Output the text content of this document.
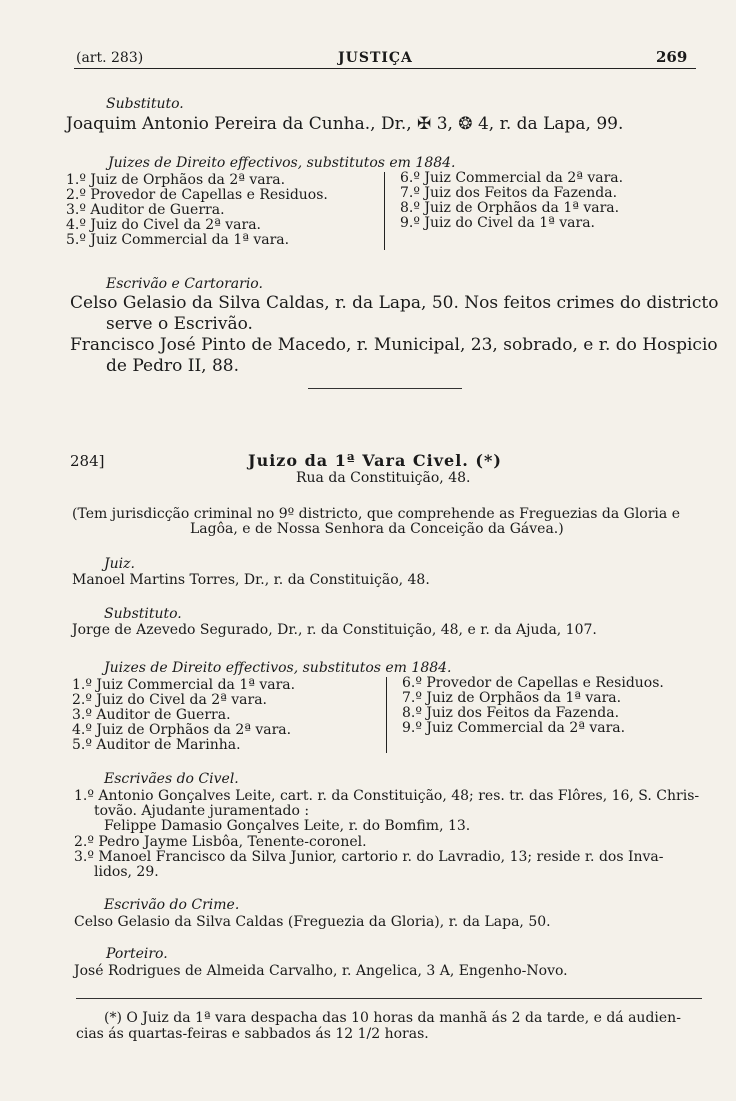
(art. 283)	JUSTIÇA	269
Substituto.
Joaquim Antonio Pereira da Cunha., Dr., ✠ 3, ❂ 4, r. da Lapa, 99.
Juizes de Direito effectivos, substitutos em 1884.
1.º Juiz de Orphãos da 2ª vara.
2.º Provedor de Capellas e Residuos.
3.º Auditor de Guerra.
4.º Juiz do Civel da 2ª vara.
5.º Juiz Commercial da 1ª vara.
6.º Juiz Commercial da 2ª vara.
7.º Juiz dos Feitos da Fazenda.
8.º Juiz de Orphãos da 1ª vara.
9.º Juiz do Civel da 1ª vara.
Escrivão e Cartorario.
Celso Gelasio da Silva Caldas, r. da Lapa, 50. Nos feitos crimes do districto
serve o Escrivão.
Francisco José Pinto de Macedo, r. Municipal, 23, sobrado, e r. do Hospicio
de Pedro II, 88.
284]	Juizo da 1ª Vara Civel. (*)
Rua da Constituição, 48.
(Tem jurisdicção criminal no 9º districto, que comprehende as Freguezias da Gloria e
Lagôa, e de Nossa Senhora da Conceição da Gávea.)
Juiz.
Manoel Martins Torres, Dr., r. da Constituição, 48.
Substituto.
Jorge de Azevedo Segurado, Dr., r. da Constituição, 48, e r. da Ajuda, 107.
Juizes de Direito effectivos, substitutos em 1884.
1.º Juiz Commercial da 1ª vara.
2.º Juiz do Civel da 2ª vara.
3.º Auditor de Guerra.
4.º Juiz de Orphãos da 2ª vara.
5.º Auditor de Marinha.
6.º Provedor de Capellas e Residuos.
7.º Juiz de Orphãos da 1ª vara.
8.º Juiz dos Feitos da Fazenda.
9.º Juiz Commercial da 2ª vara.
Escrivães do Civel.
1.º Antonio Gonçalves Leite, cart. r. da Constituição, 48; res. tr. das Flôres, 16, S. Chris-
tovão. Ajudante juramentado :
Felippe Damasio Gonçalves Leite, r. do Bomfim, 13.
2.º Pedro Jayme Lisbôa, Tenente-coronel.
3.º Manoel Francisco da Silva Junior, cartorio r. do Lavradio, 13; reside r. dos Inva-
lidos, 29.
Escrivão do Crime.
Celso Gelasio da Silva Caldas (Freguezia da Gloria), r. da Lapa, 50.
Porteiro.
José Rodrigues de Almeida Carvalho, r. Angelica, 3 A, Engenho-Novo.
(*) O Juiz da 1ª vara despacha das 10 horas da manhã ás 2 da tarde, e dá audien-
cias ás quartas-feiras e sabbados ás 12 1/2 horas.
